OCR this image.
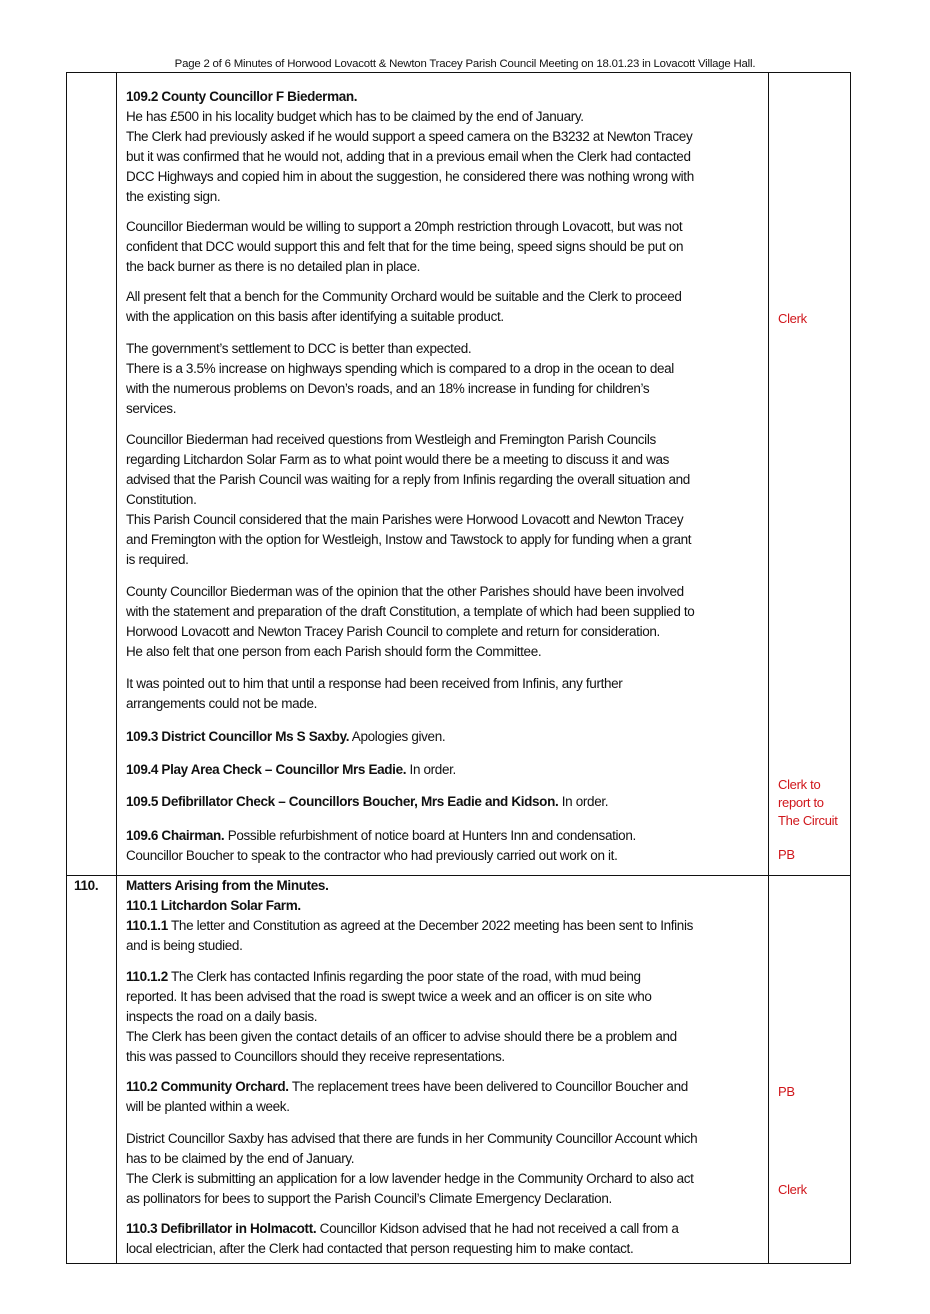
Page 2 of 6 Minutes of Horwood Lovacott & Newton Tracey Parish Council Meeting on 18.01.23 in Lovacott Village Hall.
109.2 County Councillor F Biederman.
He has £500 in his locality budget which has to be claimed by the end of January.
The Clerk had previously asked if he would support a speed camera on the B3232 at Newton Tracey
but it was confirmed that he would not, adding that in a previous email when the Clerk had contacted
DCC Highways and copied him in about the suggestion, he considered there was nothing wrong with
the existing sign.
Councillor Biederman would be willing to support a 20mph restriction through Lovacott, but was not
confident that DCC would support this and felt that for the time being, speed signs should be put on
the back burner as there is no detailed plan in place.
All present felt that a bench for the Community Orchard would be suitable and the Clerk to proceed
with the application on this basis after identifying a suitable product.
The government’s settlement to DCC is better than expected.
There is a 3.5% increase on highways spending which is compared to a drop in the ocean to deal
with the numerous problems on Devon’s roads, and an 18% increase in funding for children’s
services.
Councillor Biederman had received questions from Westleigh and Fremington Parish Councils
regarding Litchardon Solar Farm as to what point would there be a meeting to discuss it and was
advised that the Parish Council was waiting for a reply from Infinis regarding the overall situation and
Constitution.
This Parish Council considered that the main Parishes were Horwood Lovacott and Newton Tracey
and Fremington with the option for Westleigh, Instow and Tawstock to apply for funding when a grant
is required.
County Councillor Biederman was of the opinion that the other Parishes should have been involved
with the statement and preparation of the draft Constitution, a template of which had been supplied to
Horwood Lovacott and Newton Tracey Parish Council to complete and return for consideration.
He also felt that one person from each Parish should form the Committee.
It was pointed out to him that until a response had been received from Infinis, any further
arrangements could not be made.
109.3 District Councillor Ms S Saxby. Apologies given.
109.4 Play Area Check – Councillor Mrs Eadie. In order.
109.5 Defibrillator Check – Councillors Boucher, Mrs Eadie and Kidson. In order.
109.6 Chairman. Possible refurbishment of notice board at Hunters Inn and condensation.
Councillor Boucher to speak to the contractor who had previously carried out work on it.
Clerk
Clerk to report to The Circuit
PB
110. Matters Arising from the Minutes.
110.1 Litchardon Solar Farm.
110.1.1 The letter and Constitution as agreed at the December 2022 meeting has been sent to Infinis
and is being studied.
110.1.2 The Clerk has contacted Infinis regarding the poor state of the road, with mud being
reported. It has been advised that the road is swept twice a week and an officer is on site who
inspects the road on a daily basis.
The Clerk has been given the contact details of an officer to advise should there be a problem and
this was passed to Councillors should they receive representations.
110.2 Community Orchard. The replacement trees have been delivered to Councillor Boucher and
will be planted within a week.
District Councillor Saxby has advised that there are funds in her Community Councillor Account which
has to be claimed by the end of January.
The Clerk is submitting an application for a low lavender hedge in the Community Orchard to also act
as pollinators for bees to support the Parish Council’s Climate Emergency Declaration.
110.3 Defibrillator in Holmacott. Councillor Kidson advised that he had not received a call from a
local electrician, after the Clerk had contacted that person requesting him to make contact.
PB
Clerk
